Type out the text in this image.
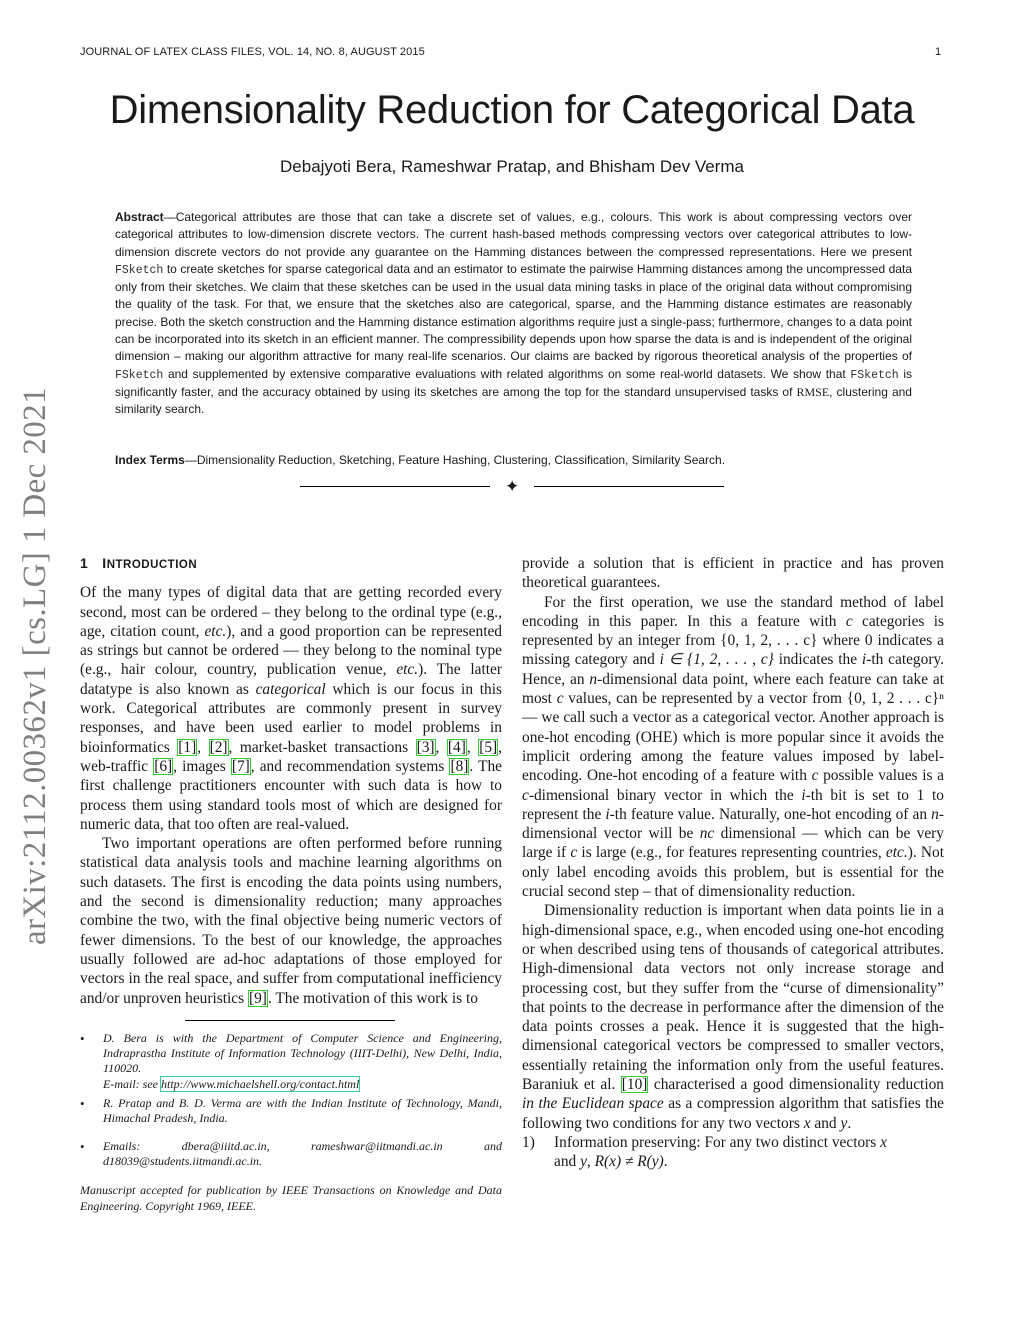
JOURNAL OF LATEX CLASS FILES, VOL. 14, NO. 8, AUGUST 2015	1
Dimensionality Reduction for Categorical Data
Debajyoti Bera, Rameshwar Pratap, and Bhisham Dev Verma

Abstract—Categorical attributes are those that can take a discrete set of values, e.g., colours. This work is about compressing vectors over categorical attributes to low-dimension discrete vectors. The current hash-based methods compressing vectors over categorical attributes to low-dimension discrete vectors do not provide any guarantee on the Hamming distances between the compressed representations. Here we present FSketch to create sketches for sparse categorical data and an estimator to estimate the pairwise Hamming distances among the uncompressed data only from their sketches. We claim that these sketches can be used in the usual data mining tasks in place of the original data without compromising the quality of the task. For that, we ensure that the sketches also are categorical, sparse, and the Hamming distance estimates are reasonably precise. Both the sketch construction and the Hamming distance estimation algorithms require just a single-pass; furthermore, changes to a data point can be incorporated into its sketch in an efficient manner. The compressibility depends upon how sparse the data is and is independent of the original dimension – making our algorithm attractive for many real-life scenarios. Our claims are backed by rigorous theoretical analysis of the properties of FSketch and supplemented by extensive comparative evaluations with related algorithms on some real-world datasets. We show that FSketch is significantly faster, and the accuracy obtained by using its sketches are among the top for the standard unsupervised tasks of RMSE, clustering and similarity search.

Index Terms—Dimensionality Reduction, Sketching, Feature Hashing, Clustering, Classification, Similarity Search.
✦
arXiv:2112.00362v1 [cs.LG] 1 Dec 2021 1 INTRODUCTION

Of the many types of digital data that are getting recorded every second, most can be ordered – they belong to the ordinal type (e.g., age, citation count, etc.), and a good proportion can be represented as strings but cannot be ordered — they belong to the nominal type (e.g., hair colour, country, publication venue, etc.). The latter datatype is also known as categorical which is our focus in this work. Categorical attributes are commonly present in survey responses, and have been used earlier to model problems in bioinformatics [1], [2], market-basket transactions [3], [4], [5], web-traffic [6], images [7], and recommendation systems [8]. The first challenge practitioners encounter with such data is how to process them using standard tools most of which are designed for numeric data, that too often are real-valued.

Two important operations are often performed before running statistical data analysis tools and machine learning algorithms on such datasets. The first is encoding the data points using numbers, and the second is dimensionality reduction; many approaches combine the two, with the final objective being numeric vectors of fewer dimensions. To the best of our knowledge, the approaches usually followed are ad-hoc adaptations of those employed for vectors in the real space, and suffer from computational inefficiency and/or unproven heuristics [9]. The motivation of this work is to

• D. Bera is with the Department of Computer Science and Engineering, Indraprastha Institute of Information Technology (IIIT-Delhi), New Delhi, India, 110020.
E-mail: see http://www.michaelshell.org/contact.html
• R. Pratap and B. D. Verma are with the Indian Institute of Technology, Mandi, Himachal Pradesh, India.
• Emails:	dbera@iiitd.ac.in,	rameshwar@iitmandi.ac.in	and
d18039@students.iitmandi.ac.in.
Manuscript accepted for publication by IEEE Transactions on Knowledge and Data Engineering. Copyright 1969, IEEE.

provide a solution that is efficient in practice and has proven theoretical guarantees.

For the first operation, we use the standard method of label encoding in this paper. In this a feature with c categories is represented by an integer from {0, 1, 2, . . . c} where 0 indicates a missing category and i ∈ {1, 2, . . . , c} indicates the i-th category. Hence, an n-dimensional data point, where each feature can take at most c values, can be represented by a vector from {0, 1, 2 . . . c}ⁿ — we call such a vector as a categorical vector. Another approach is one-hot encoding (OHE) which is more popular since it avoids the implicit ordering among the feature values imposed by label-encoding. One-hot encoding of a feature with c possible values is a c-dimensional binary vector in which the i-th bit is set to 1 to represent the i-th feature value. Naturally, one-hot encoding of an n-dimensional vector will be nc dimensional — which can be very large if c is large (e.g., for features representing countries, etc.). Not only label encoding avoids this problem, but is essential for the crucial second step – that of dimensionality reduction.

Dimensionality reduction is important when data points lie in a high-dimensional space, e.g., when encoded using one-hot encoding or when described using tens of thousands of categorical attributes. High-dimensional data vectors not only increase storage and processing cost, but they suffer from the “curse of dimensionality” that points to the decrease in performance after the dimension of the data points crosses a peak. Hence it is suggested that the high-dimensional categorical vectors be compressed to smaller vectors, essentially retaining the information only from the useful features. Baraniuk et al. [10] characterised a good dimensionality reduction in the Euclidean space as a compression algorithm that satisfies the following two conditions for any two vectors x and y.

1)	Information preserving: For any two distinct vectors x
and y, R(x) ≠ R(y).
